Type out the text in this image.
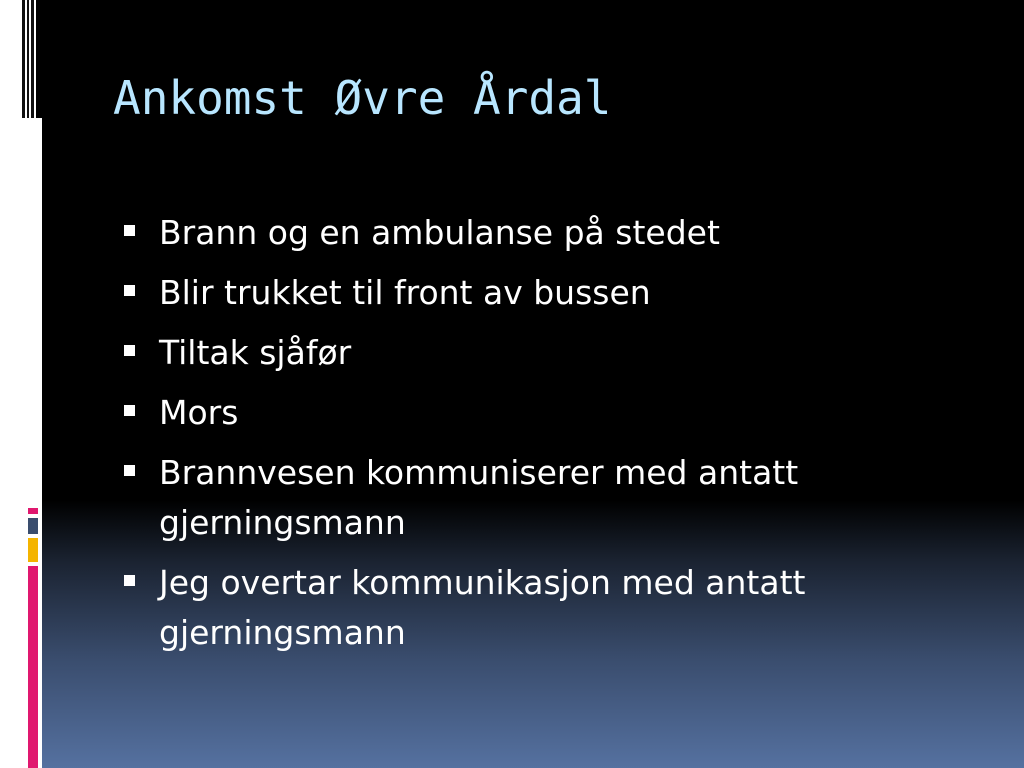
Ankomst Øvre Årdal
Brann og en ambulanse på stedet
Blir trukket til front av bussen
Tiltak sjåfør
Mors
Brannvesen kommuniserer med antatt gjerningsmann
Jeg overtar kommunikasjon med antatt gjerningsmann
